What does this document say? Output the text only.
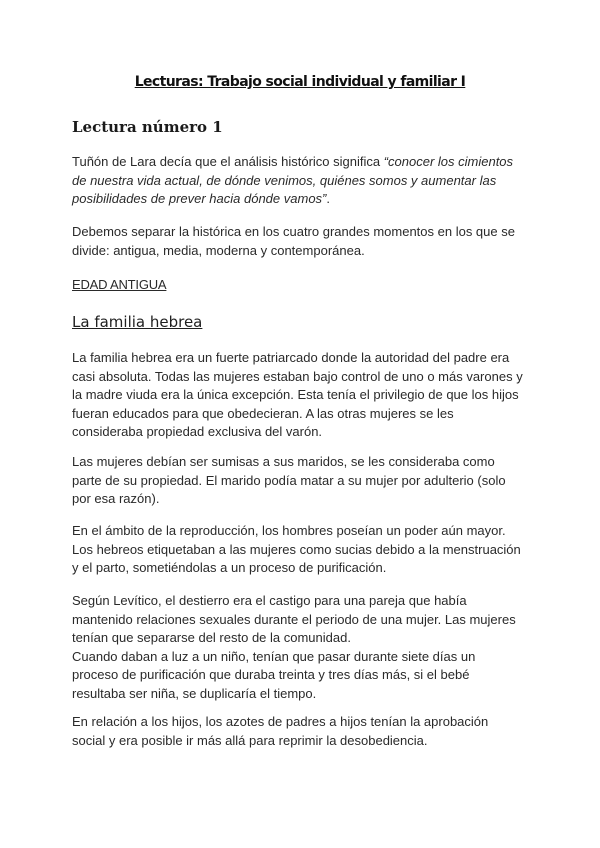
Lecturas: Trabajo social individual y familiar I
Lectura número 1
Tuñón de Lara decía que el análisis histórico significa “conocer los cimientos
de nuestra vida actual, de dónde venimos, quiénes somos y aumentar las
posibilidades de prever hacia dónde vamos”.
Debemos separar la histórica en los cuatro grandes momentos en los que se
divide: antigua, media, moderna y contemporánea.
EDAD ANTIGUA
La familia hebrea
La familia hebrea era un fuerte patriarcado donde la autoridad del padre era
casi absoluta. Todas las mujeres estaban bajo control de uno o más varones y
la madre viuda era la única excepción. Esta tenía el privilegio de que los hijos
fueran educados para que obedecieran. A las otras mujeres se les
consideraba propiedad exclusiva del varón.
Las mujeres debían ser sumisas a sus maridos, se les consideraba como
parte de su propiedad. El marido podía matar a su mujer por adulterio (solo
por esa razón).
En el ámbito de la reproducción, los hombres poseían un poder aún mayor.
Los hebreos etiquetaban a las mujeres como sucias debido a la menstruación
y el parto, sometiéndolas a un proceso de purificación.
Según Levítico, el destierro era el castigo para una pareja que había
mantenido relaciones sexuales durante el periodo de una mujer. Las mujeres
tenían que separarse del resto de la comunidad.
Cuando daban a luz a un niño, tenían que pasar durante siete días un
proceso de purificación que duraba treinta y tres días más, si el bebé
resultaba ser niña, se duplicaría el tiempo.
En relación a los hijos, los azotes de padres a hijos tenían la aprobación
social y era posible ir más allá para reprimir la desobediencia.
